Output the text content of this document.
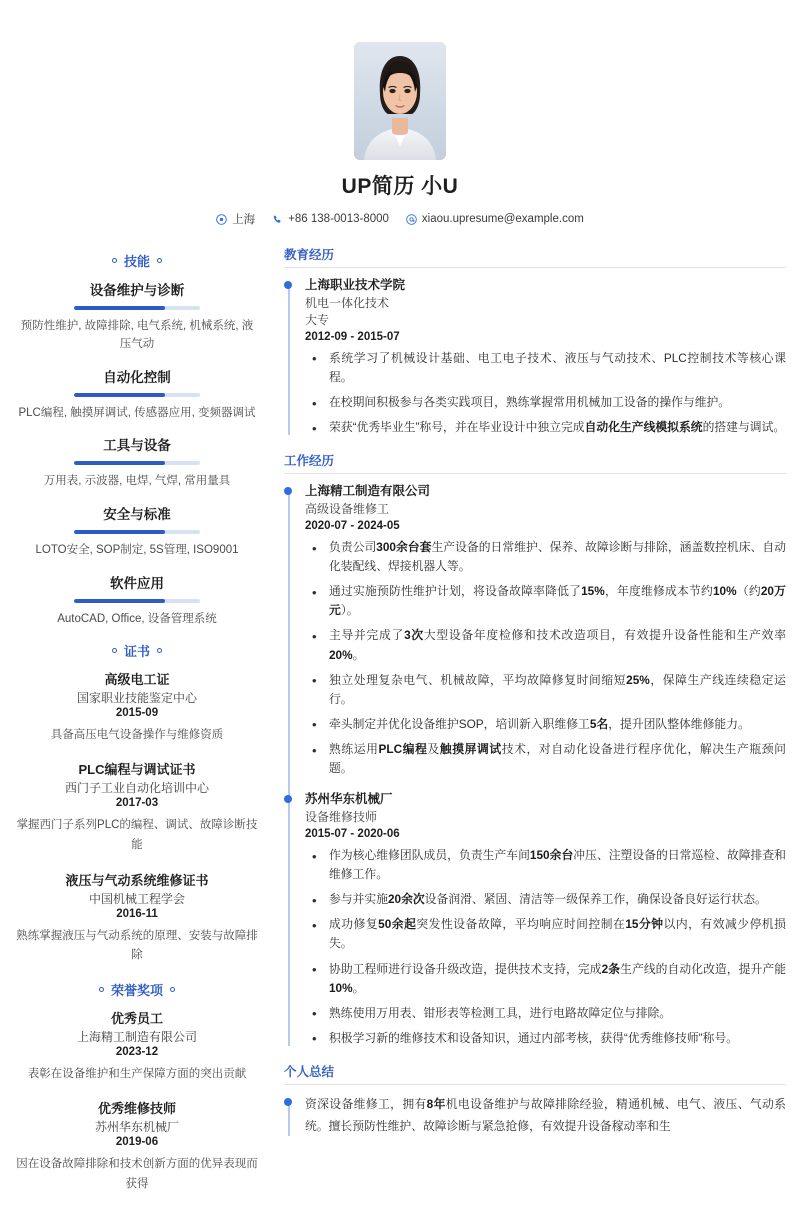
UP简历 小U
上海	+86 138-0013-8000	xiaou.upresume@example.com
技能
设备维护与诊断
预防性维护, 故障排除, 电气系统, 机械系统, 液压气动
自动化控制
PLC编程, 触摸屏调试, 传感器应用, 变频器调试
工具与设备
万用表, 示波器, 电焊, 气焊, 常用量具
安全与标准
LOTO安全, SOP制定, 5S管理, ISO9001
软件应用
AutoCAD, Office, 设备管理系统
证书
高级电工证
国家职业技能鉴定中心
2015-09
具备高压电气设备操作与维修资质
PLC编程与调试证书
西门子工业自动化培训中心
2017-03
掌握西门子系列PLC的编程、调试、故障诊断技能
液压与气动系统维修证书
中国机械工程学会
2016-11
熟练掌握液压与气动系统的原理、安装与故障排除
荣誉奖项
优秀员工
上海精工制造有限公司
2023-12
表彰在设备维护和生产保障方面的突出贡献
优秀维修技师
苏州华东机械厂
2019-06
因在设备故障排除和技术创新方面的优异表现而获得
教育经历
上海职业技术学院
机电一体化技术
大专
2012-09 - 2015-07
• 系统学习了机械设计基础、电工电子技术、液压与气动技术、PLC控制技术等核心课程。
• 在校期间积极参与各类实践项目，熟练掌握常用机械加工设备的操作与维护。
• 荣获“优秀毕业生”称号，并在毕业设计中独立完成自动化生产线模拟系统的搭建与调试。
工作经历
上海精工制造有限公司
高级设备维修工
2020-07 - 2024-05
• 负责公司300余台套生产设备的日常维护、保养、故障诊断与排除，涵盖数控机床、自动化装配线、焊接机器人等。
• 通过实施预防性维护计划，将设备故障率降低了15%，年度维修成本节约10%（约20万元）。
• 主导并完成了3次大型设备年度检修和技术改造项目，有效提升设备性能和生产效率20%。
• 独立处理复杂电气、机械故障，平均故障修复时间缩短25%，保障生产线连续稳定运行。
• 牵头制定并优化设备维护SOP，培训新入职维修工5名，提升团队整体维修能力。
• 熟练运用PLC编程及触摸屏调试技术，对自动化设备进行程序优化，解决生产瓶颈问题。
苏州华东机械厂
设备维修技师
2015-07 - 2020-06
• 作为核心维修团队成员，负责生产车间150余台冲压、注塑设备的日常巡检、故障排查和维修工作。
• 参与并实施20余次设备润滑、紧固、清洁等一级保养工作，确保设备良好运行状态。
• 成功修复50余起突发性设备故障，平均响应时间控制在15分钟以内，有效减少停机损失。
• 协助工程师进行设备升级改造，提供技术支持，完成2条生产线的自动化改造，提升产能10%。
• 熟练使用万用表、钳形表等检测工具，进行电路故障定位与排除。
• 积极学习新的维修技术和设备知识，通过内部考核，获得“优秀维修技师”称号。
个人总结
资深设备维修工，拥有8年机电设备维护与故障排除经验，精通机械、电气、液压、气动系统。擅长预防性维护、故障诊断与紧急抢修，有效提升设备稼动率和生
